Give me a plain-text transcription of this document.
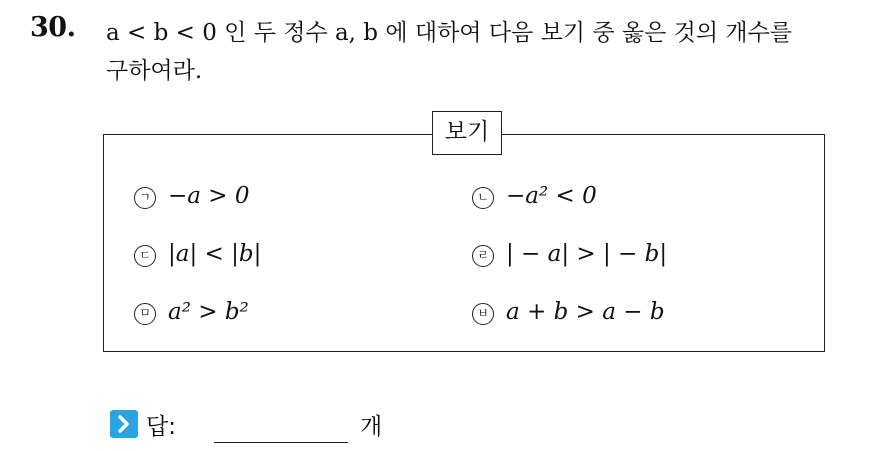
30. a < b < 0 인 두 정수 a, b 에 대하여 다음 보기 중 옳은 것의 개수를
구하여라.
보기
ㄱ −a > 0	ㄴ −a² < 0
ㄷ |a| < |b|	ㄹ | − a| > | − b|
ㅁ a² > b²	ㅂ a + b > a − b
답:	개
